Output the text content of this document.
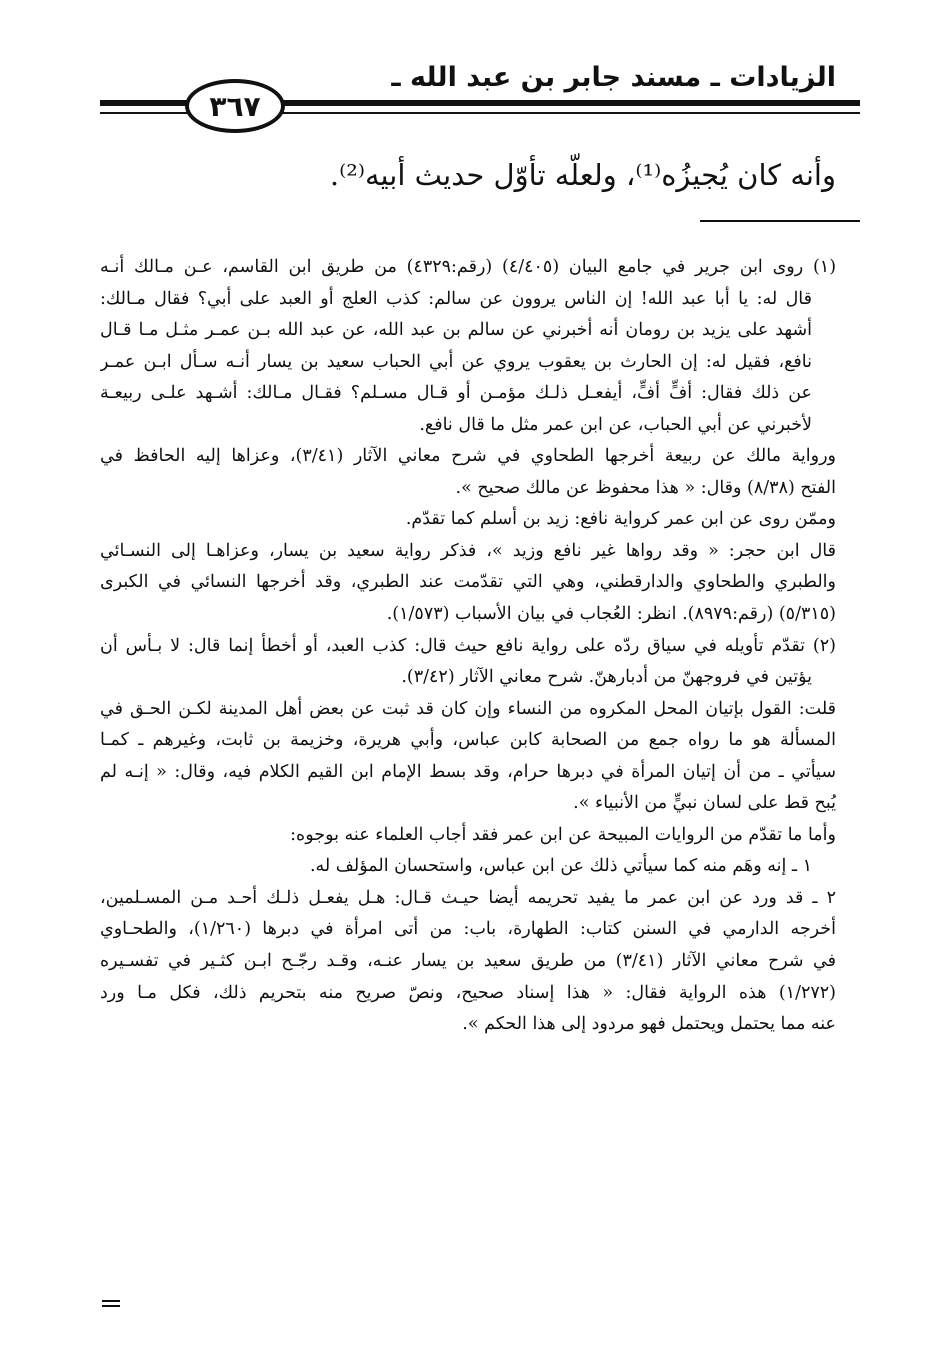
الزيادات ـ مسند جابر بن عبد الله ـ
٣٦٧
وأنه كان يُجيزُه⁽¹⁾، ولعلّه تأوّل حديث أبيه⁽²⁾.
(١) روى ابن جرير في جامع البيان (٤/٤٠٥) (رقم:٤٣٢٩) من طريق ابن القاسم، عـن مـالك أنـه
قال له: يا أبا عبد الله! إن الناس يروون عن سالم: كذب العلج أو العبد على أبي؟ فقال مـالك:
أشهد على يزيد بن رومان أنه أخبرني عن سالم بن عبد الله، عن عبد الله بـن عمـر مثـل مـا قـال
نافع، فقيل له: إن الحارث بن يعقوب يروي عن أبي الحباب سعيد بن يسار أنـه سـأل ابـن عمـر
عن ذلك فقال: أفٍّ أفٍّ، أيفعـل ذلـك مؤمـن أو قـال مسـلم؟ فقـال مـالك: أشـهد علـى ربيعـة
لأخبرني عن أبي الحباب، عن ابن عمر مثل ما قال نافع.
ورواية مالك عن ربيعة أخرجها الطحاوي في شرح معاني الآثار (٣/٤١)، وعزاها إليه الحافظ في
الفتح (٨/٣٨) وقال: « هذا محفوظ عن مالك صحيح ».
وممّن روى عن ابن عمر كرواية نافع: زيد بن أسلم كما تقدّم.
قال ابن حجر: « وقد رواها غير نافع وزيد »، فذكر رواية سعيد بن يسار، وعزاهـا إلى النسـائي
والطبري والطحاوي والدارقطني، وهي التي تقدّمت عند الطبري، وقد أخرجها النسائي في الكبرى
(٥/٣١٥) (رقم:٨٩٧٩). انظر: العُجاب في بيان الأسباب (١/٥٧٣).
(٢) تقدّم تأويله في سياق ردّه على رواية نافع حيث قال: كذب العبد، أو أخطأ إنما قال: لا بـأس أن
يؤتين في فروجهنّ من أدبارهنّ. شرح معاني الآثار (٣/٤٢).
قلت: القول بإتيان المحل المكروه من النساء وإن كان قد ثبت عن بعض أهل المدينة لكـن الحـق في
المسألة هو ما رواه جمع من الصحابة كابن عباس، وأبي هريرة، وخزيمة بن ثابت، وغيرهم ـ كمـا
سيأتي ـ من أن إتيان المرأة في دبرها حرام، وقد بسط الإمام ابن القيم الكلام فيه، وقال: « إنـه لم
يُبح قط على لسان نبيٍّ من الأنبياء ».
وأما ما تقدّم من الروايات المبيحة عن ابن عمر فقد أجاب العلماء عنه بوجوه:
١ ـ إنه وهَم منه كما سيأتي ذلك عن ابن عباس، واستحسان المؤلف له.
٢ ـ قد ورد عن ابن عمر ما يفيد تحريمه أيضا حيـث قـال: هـل يفعـل ذلـك أحـد مـن المسـلمين،
أخرجه الدارمي في السنن كتاب: الطهارة، باب: من أتى امرأة في دبرها (١/٢٦٠)، والطحـاوي
في شرح معاني الآثار (٣/٤١) من طريق سعيد بن يسار عنـه، وقـد رجّـح ابـن كثـير في تفسـيره
(١/٢٧٢) هذه الرواية فقال: « هذا إسناد صحيح، ونصّ صريح منه بتحريم ذلك، فكل مـا ورد
عنه مما يحتمل ويحتمل فهو مردود إلى هذا الحكم ».
